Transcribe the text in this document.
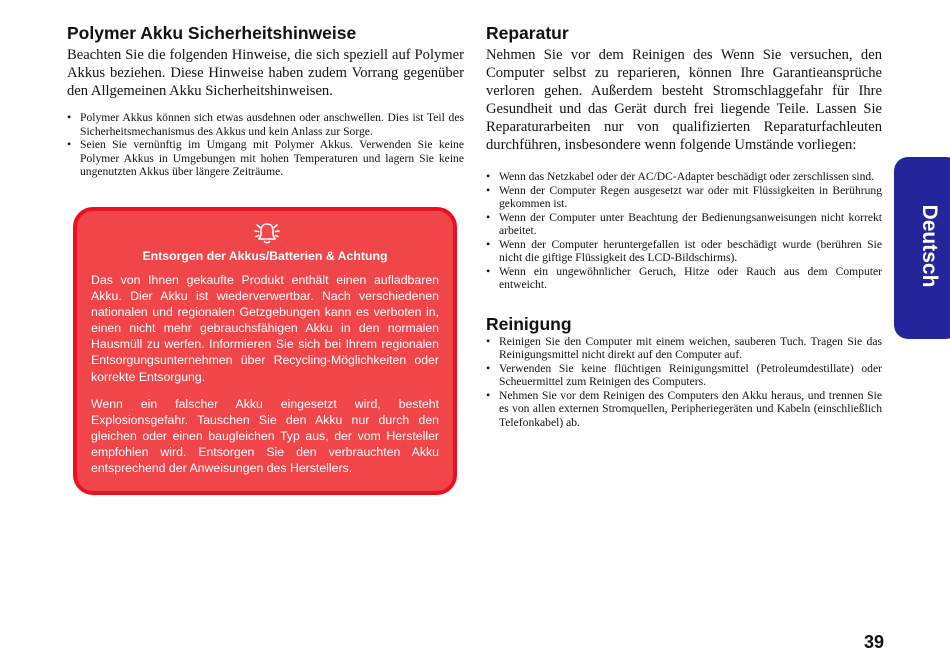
Polymer Akku Sicherheitshinweise

Beachten Sie die folgenden Hinweise, die sich speziell auf Polymer Akkus beziehen. Diese Hinweise haben zudem Vorrang gegenüber den Allgemeinen Akku Sicherheitshinweisen.

• Polymer Akkus können sich etwas ausdehnen oder anschwellen. Dies ist Teil des Sicherheitsmechanismus des Akkus und kein Anlass zur Sorge.
• Seien Sie vernünftig im Umgang mit Polymer Akkus. Verwenden Sie keine Polymer Akkus in Umgebungen mit hohen Temperaturen und lagern Sie keine ungenutzten Akkus über längere Zeiträume.
Entsorgen der Akkus/Batterien & Achtung

Das von Ihnen gekaufte Produkt enthält einen aufladbaren Akku. Dier Akku ist wiederverwertbar. Nach verschiedenen nationalen und regionalen Getzgebungen kann es verboten in, einen nicht mehr gebrauchsfähigen Akku in den normalen Hausmüll zu werfen. Informieren Sie sich bei Ihrem regionalen Entsorgungsunternehmen über Recycling-Möglichkeiten oder korrekte Entsorgung.

Wenn ein falscher Akku eingesetzt wird, besteht Explosionsgefahr. Tauschen Sie den Akku nur durch den gleichen oder einen baugleichen Typ aus, der vom Hersteller empfohlen wird. Entsorgen Sie den verbrauchten Akku entsprechend der Anweisungen des Herstellers.

Reparatur

Nehmen Sie vor dem Reinigen des Wenn Sie versuchen, den Computer selbst zu reparieren, können Ihre Garantieansprüche verloren gehen. Außerdem besteht Stromschlaggefahr für Ihre Gesundheit und das Gerät durch frei liegende Teile. Lassen Sie Reparaturarbeiten nur von qualifizierten Reparaturfachleuten durchführen, insbesondere wenn folgende Umstände vorliegen:

• Wenn das Netzkabel oder der AC/DC-Adapter beschädigt oder zerschlissen sind.
• Wenn der Computer Regen ausgesetzt war oder mit Flüssigkeiten in Berührung gekommen ist.
• Wenn der Computer unter Beachtung der Bedienungsanweisungen nicht korrekt arbeitet.
• Wenn der Computer heruntergefallen ist oder beschädigt wurde (berühren Sie nicht die giftige Flüssigkeit des LCD-Bildschirms).
• Wenn ein ungewöhnlicher Geruch, Hitze oder Rauch aus dem Computer entweicht.
Reinigung
• Reinigen Sie den Computer mit einem weichen, sauberen Tuch. Tragen Sie das Reinigungsmittel nicht direkt auf den Computer auf.
• Verwenden Sie keine flüchtigen Reinigungsmittel (Petroleumdestillate) oder Scheuermittel zum Reinigen des Computers.
• Nehmen Sie vor dem Reinigen des Computers den Akku heraus, und trennen Sie es von allen externen Stromquellen, Peripheriegeräten und Kabeln (einschließlich Telefonkabel) ab.
Deutsch
39
